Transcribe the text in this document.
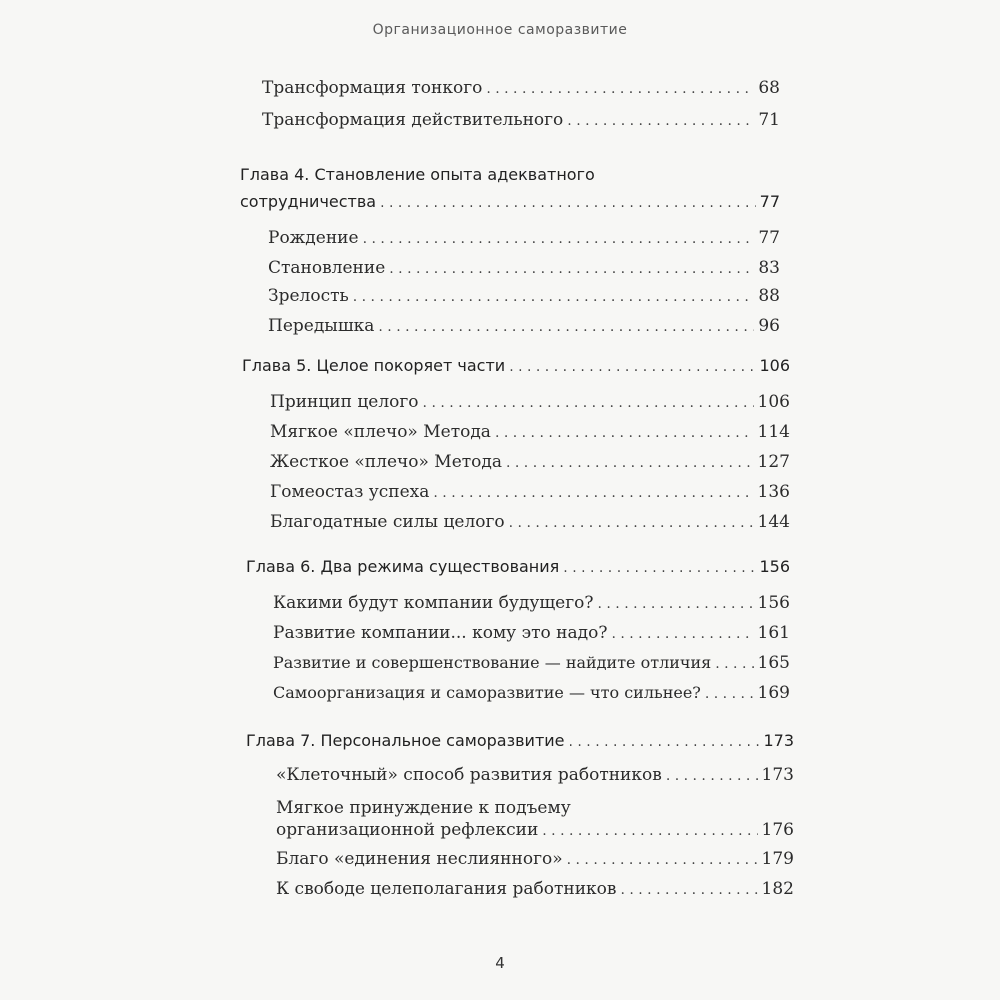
Организационное саморазвитие
Трансформация тонкого . . .	68
Трансформация действительного . . .	71
Глава 4. Становление опыта адекватного
сотрудничества . . .	77
Рождение . . .	77
Становление . . .	83
Зрелость . . .	88
Передышка . . .	96
Глава 5. Целое покоряет части . . .	106
Принцип целого . . .	106
Мягкое «плечо» Метода . . .	114
Жесткое «плечо» Метода . . .	127
Гомеостаз успеха . . .	136
Благодатные силы целого . . .	144
Глава 6. Два режима существования . . .	156
Какими будут компании будущего? . . .	156
Развитие компании... кому это надо? . . .	161
Развитие и совершенствование — найдите отличия . . .	165
Самоорганизация и саморазвитие — что сильнее? . . .	169
Глава 7. Персональное саморазвитие . . .	173
«Клеточный» способ развития работников . . .	173
Мягкое принуждение к подъему
организационной рефлексии . . .	176
Благо «единения неслиянного» . . .	179
К свободе целеполагания работников . . .	182
4
